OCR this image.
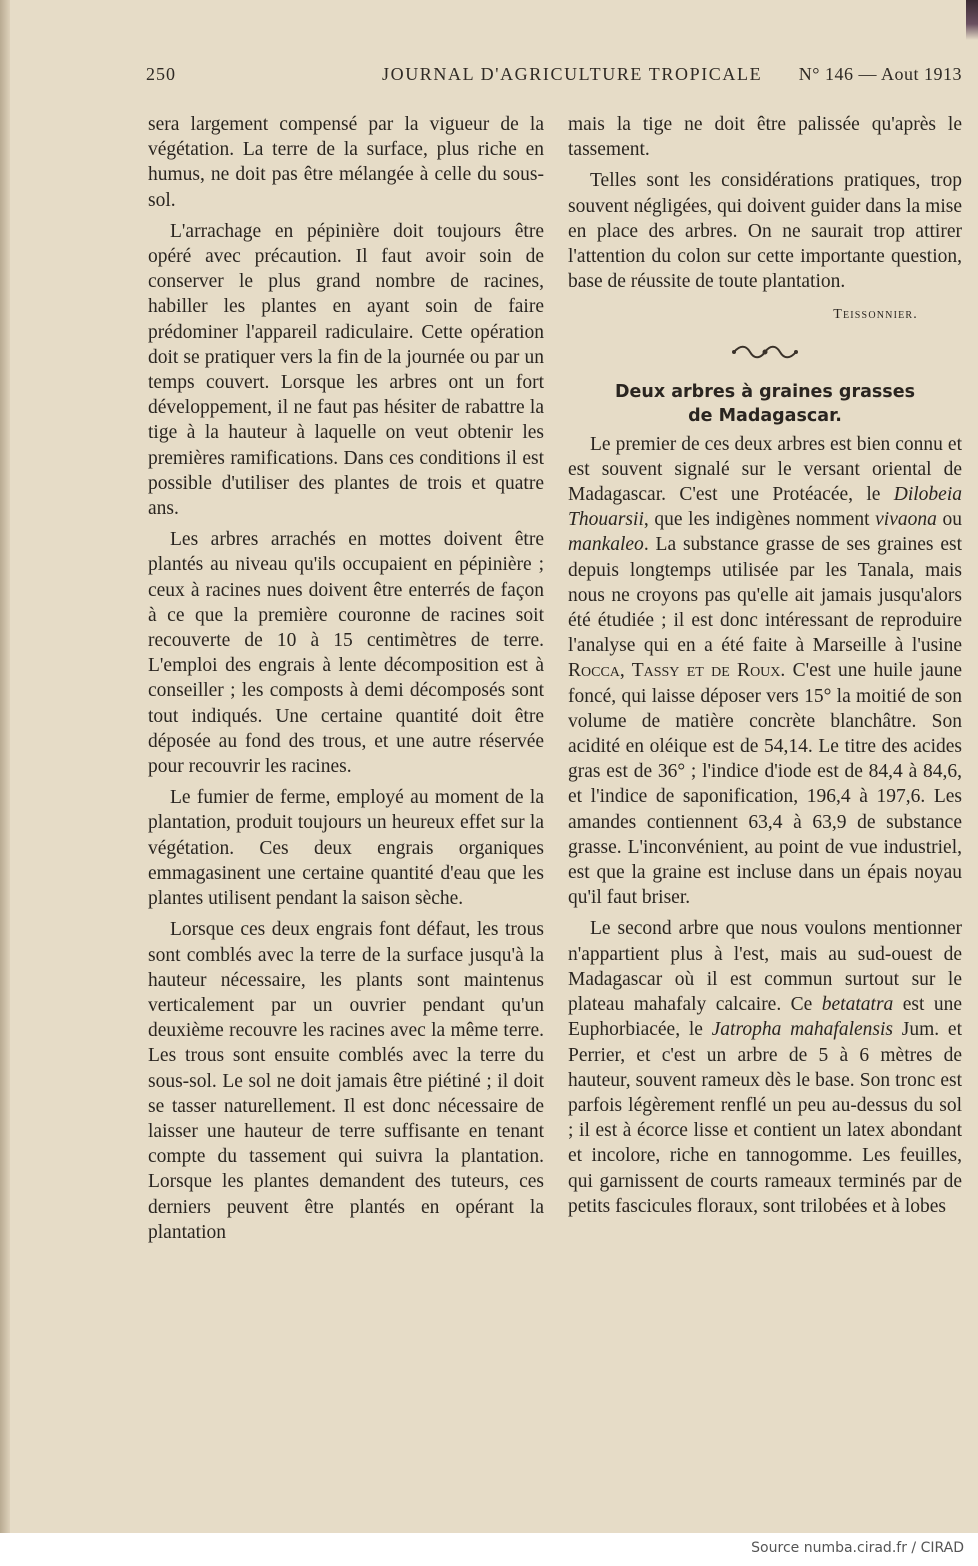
250	JOURNAL D'AGRICULTURE TROPICALE N° 146 — Aout 1913

sera largement compensé par la vigueur de la végétation. La terre de la surface, plus riche en humus, ne doit pas être mélangée à celle du sous-sol.

L'arrachage en pépinière doit toujours être opéré avec précaution. Il faut avoir soin de conserver le plus grand nombre de racines, habiller les plantes en ayant soin de faire prédominer l'appareil radiculaire. Cette opération doit se pratiquer vers la fin de la journée ou par un temps couvert. Lorsque les arbres ont un fort développement, il ne faut pas hésiter de rabattre la tige à la hauteur à laquelle on veut obtenir les premières ramifications. Dans ces conditions il est possible d'utiliser des plantes de trois et quatre ans.

Les arbres arrachés en mottes doivent être plantés au niveau qu'ils occupaient en pépinière ; ceux à racines nues doivent être enterrés de façon à ce que la première couronne de racines soit recouverte de 10 à 15 centimètres de terre. L'emploi des engrais à lente décomposition est à conseiller ; les composts à demi décomposés sont tout indiqués. Une certaine quantité doit être déposée au fond des trous, et une autre réservée pour recouvrir les racines.

Le fumier de ferme, employé au moment de la plantation, produit toujours un heureux effet sur la végétation. Ces deux engrais organiques emmagasinent une certaine quantité d'eau que les plantes utilisent pendant la saison sèche.

Lorsque ces deux engrais font défaut, les trous sont comblés avec la terre de la surface jusqu'à la hauteur nécessaire, les plants sont maintenus verticalement par un ouvrier pendant qu'un deuxième recouvre les racines avec la même terre. Les trous sont ensuite comblés avec la terre du sous-sol. Le sol ne doit jamais être piétiné ; il doit se tasser naturellement. Il est donc nécessaire de laisser une hauteur de terre suffisante en tenant compte du tassement qui suivra la plantation. Lorsque les plantes demandent des tuteurs, ces derniers peuvent être plantés en opérant la plantation

mais la tige ne doit être palissée qu'après le tassement.

Telles sont les considérations pratiques, trop souvent négligées, qui doivent guider dans la mise en place des arbres. On ne saurait trop attirer l'attention du colon sur cette importante question, base de réussite de toute plantation.

Teissonnier.

Deux arbres à graines grasses
de Madagascar.

Le premier de ces deux arbres est bien connu et est souvent signalé sur le versant oriental de Madagascar. C'est une Protéacée, le Dilobeia Thouarsii, que les indigènes nomment vivaona ou mankaleo. La substance grasse de ses graines est depuis longtemps utilisée par les Tanala, mais nous ne croyons pas qu'elle ait jamais jusqu'alors été étudiée ; il est donc intéressant de reproduire l'analyse qui en a été faite à Marseille à l'usine Rocca, Tassy et de Roux. C'est une huile jaune foncé, qui laisse déposer vers 15° la moitié de son volume de matière concrète blanchâtre. Son acidité en oléique est de 54,14. Le titre des acides gras est de 36° ; l'indice d'iode est de 84,4 à 84,6, et l'indice de saponification, 196,4 à 197,6. Les amandes contiennent 63,4 à 63,9 de substance grasse. L'inconvénient, au point de vue industriel, est que la graine est incluse dans un épais noyau qu'il faut briser.

Le second arbre que nous voulons mentionner n'appartient plus à l'est, mais au sud-ouest de Madagascar où il est commun surtout sur le plateau mahafaly calcaire. Ce betatatra est une Euphorbiacée, le Jatropha mahafalensis Jum. et Perrier, et c'est un arbre de 5 à 6 mètres de hauteur, souvent rameux dès le base. Son tronc est parfois légèrement renflé un peu au-dessus du sol ; il est à écorce lisse et contient un latex abondant et incolore, riche en tannogomme. Les feuilles, qui garnissent de courts rameaux terminés par de petits fascicules floraux, sont trilobées et à lobes

Source numba.cirad.fr / CIRAD
